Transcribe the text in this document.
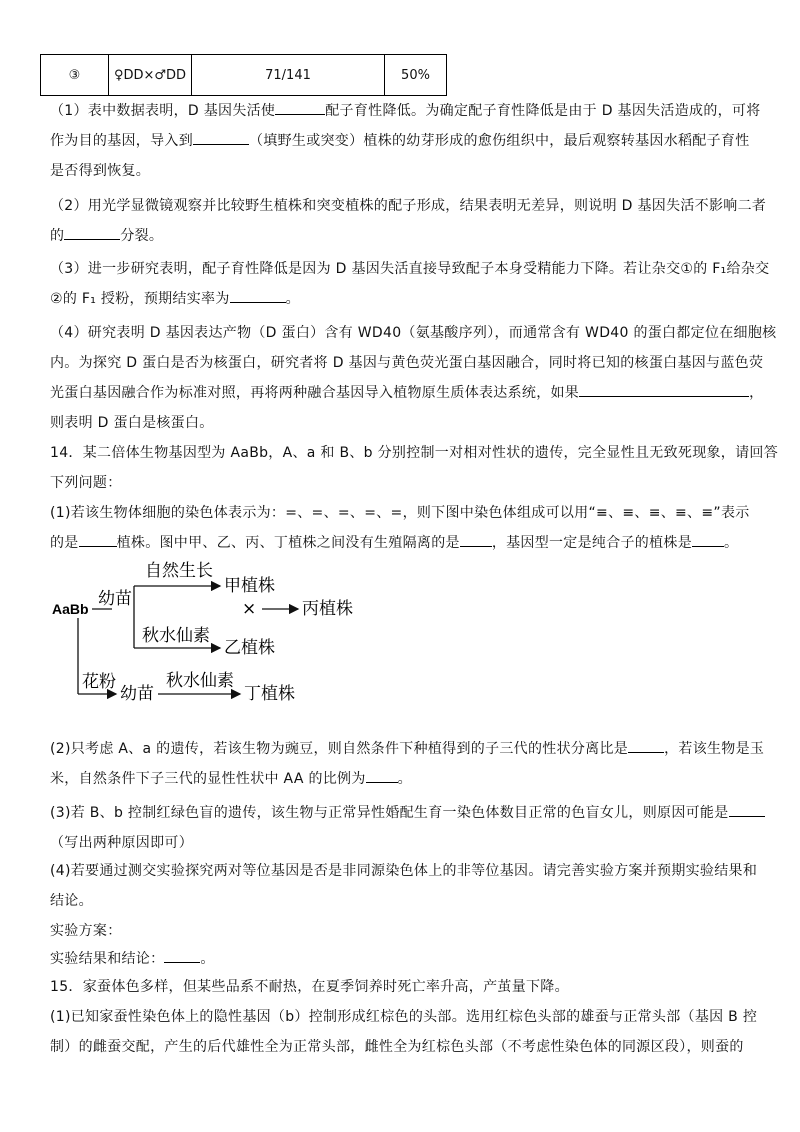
③	♀DD×♂DD	71/141	50%
（1）表中数据表明，D 基因失活使	配子育性降低。为确定配子育性降低是由于 D 基因失活造成的，可将
作为目的基因，导入到	（填野生或突变）植株的幼芽形成的愈伤组织中，最后观察转基因水稻配子育性
是否得到恢复。
（2）用光学显微镜观察并比较野生植株和突变植株的配子形成，结果表明无差异，则说明 D 基因失活不影响二者
的	分裂。
（3）进一步研究表明，配子育性降低是因为 D 基因失活直接导致配子本身受精能力下降。若让杂交①的 F₁给杂交
②的 F₁ 授粉，预期结实率为	。
（4）研究表明 D 基因表达产物（D 蛋白）含有 WD40（氨基酸序列），而通常含有 WD40 的蛋白都定位在细胞核
内。为探究 D 蛋白是否为核蛋白，研究者将 D 基因与黄色荧光蛋白基因融合，同时将已知的核蛋白基因与蓝色荧
光蛋白基因融合作为标准对照，再将两种融合基因导入植物原生质体表达系统，如果	，
则表明 D 蛋白是核蛋白。
14．某二倍体生物基因型为 AaBb，A、a 和 B、b 分别控制一对相对性状的遗传，完全显性且无致死现象，请回答
下列问题：
(1)若该生物体细胞的染色体表示为：=、=、=、=、=，则下图中染色体组成可以用“≡、≡、≡、≡、≡”表示
的是	植株。图中甲、乙、丙、丁植株之间没有生殖隔离的是 ，基因型一定是纯合子的植株是 。
AaBb 幼苗
自然生长
甲植株
×	丙植株
秋水仙素
乙植株
花粉
幼苗
秋水仙素
丁植株
(2)只考虑 A、a 的遗传，若该生物为豌豆，则自然条件下种植得到的子三代的性状分离比是	，若该生物是玉
米，自然条件下子三代的显性性状中 AA 的比例为 。
(3)若 B、b 控制红绿色盲的遗传，该生物与正常异性婚配生育一染色体数目正常的色盲女儿，则原因可能是
（写出两种原因即可）
(4)若要通过测交实验探究两对等位基因是否是非同源染色体上的非等位基因。请完善实验方案并预期实验结果和
结论。
实验方案：
实验结果和结论：	。
15．家蚕体色多样，但某些品系不耐热，在夏季饲养时死亡率升高，产茧量下降。
(1)已知家蚕性染色体上的隐性基因（b）控制形成红棕色的头部。选用红棕色头部的雄蚕与正常头部（基因 B 控
制）的雌蚕交配，产生的后代雄性全为正常头部，雌性全为红棕色头部（不考虑性染色体的同源区段），则蚕的
